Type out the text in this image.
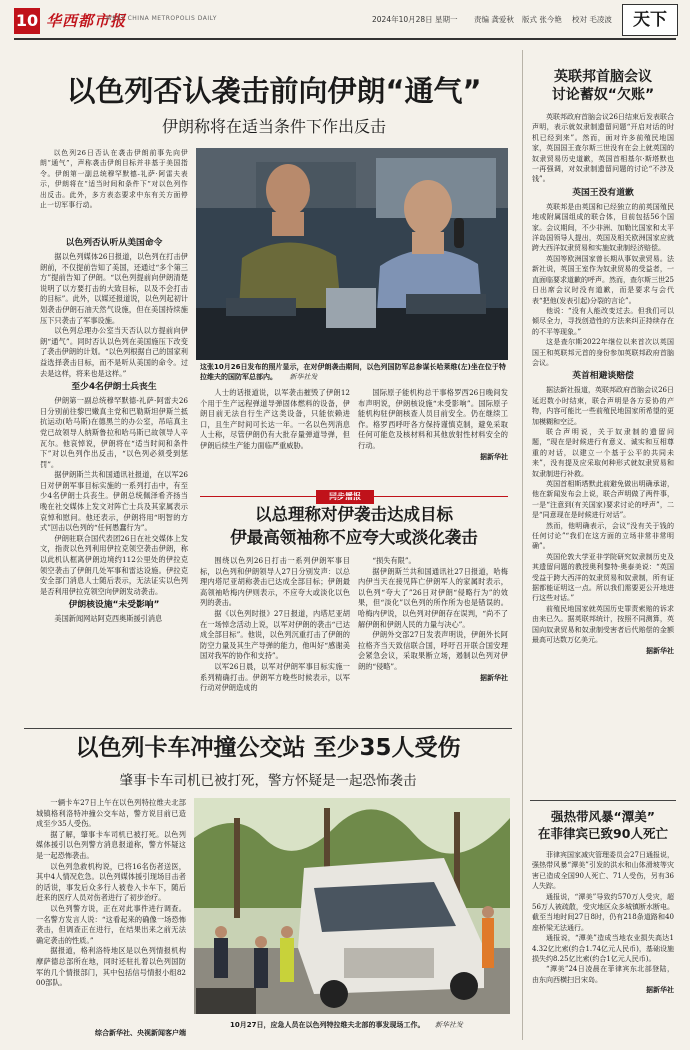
10 华西都市报
WEST CHINA METROPOLIS DAILY	2024年10月28日 星期一 责编 龚爱秋 版式 张今艳 校对 毛凌波	天下
以色列否认袭击前向伊朗“通气”
伊朗称将在适当条件下作出反击

以色列26日否认在袭击伊朗前事先向伊朗“通气”，声称袭击伊朗目标并非基于美国指令。伊朗第一副总统穆罕默德-礼萨·阿雷夫表示，伊朗将在“适当时间和条件下”对以色列作出反击。此外，多方表态要求中东有关方面停止一切军事行动。

以色列否认听从美国命令

据以色列媒体26日报道，以色列在打击伊朗前，不仅提前告知了美国，还通过“多个第三方”提前告知了伊朗。“以色列提前向伊朗清楚说明了以方要打击的大致目标，以及不会打击的目标”。此外，以媒还报道说，以色列起初计划袭击伊朗石油天然气设施，但在美国持续施压下只袭击了军事设施。

以色列总理办公室当天否认以方提前向伊朗“通气”。同时否认以色列在美国施压下改变了袭击伊朗的计划。“以色列根据自己的国家利益选择袭击目标，而不是听从美国的命令。过去是这样，将来也是这样。”

至少4名伊朗士兵丧生

伊朗第一副总统穆罕默德-礼萨·阿雷夫26日分别前往黎巴嫩真主党和巴勒斯坦伊斯兰抵抗运动(哈马斯)在德黑兰的办公室，吊唁真主党已故领导人纳斯鲁拉和哈马斯已故领导人辛瓦尔。他哀悼说，伊朗将在“适当时间和条件下”对以色列作出反击，“以色列必须受到惩罚”。

据伊朗斯兰共和国通讯社报道，在以军26日对伊朗军事目标实施的一系列打击中，有至少4名伊朗士兵丧生。伊朗总统佩泽希齐扬当晚在社交媒体上发文对阵亡士兵及其家属表示哀悼和慰问。他还表示，伊朗将用“明智的方式”回击以色列的“任何愚蠢行为”。

伊朗驻联合国代表团26日在社交媒体上发文，指责以色列利用伊拉克领空袭击伊朗，称以此机认框离伊朗边境约112公里处的伊拉克领空袭击了伊朗几处军事和雷达设施。伊拉克安全部门消息人士随后表示，无法证实以色列是否利用伊拉克领空向伊朗发动袭击。

伊朗核设施“未受影响”

美国新闻网站阿克西奥斯援引消息

这张10月26日发布的照片显示，在对伊朗袭击期间，以色列国防军总参谋长哈莱维(左)坐在位于特拉维夫的国防军总部内。 新华社发

人士的话报道说，以军袭击摧毁了伊朗12个用于生产远程弹道导弹固体燃料的设备，伊朗目前无法自行生产这类设备，只能依赖进口，且生产时间可长达一年。一名以色列消息人士称，尽管伊朗仍有大批存量弹道导弹，但伊朗后续生产能力面临严重威胁。

国际原子能机构总干事格罗西26日晚间发布声明说，伊朗核设施“未受影响”。国际原子能机构驻伊朗核查人员目前安全。仍在继续工作。格罗西呼吁各方保持谨慎克制，避免采取任何可能危及核材料和其他放射性材料安全的行动。

据新华社
以总理称对伊袭击达成目标
伊最高领袖称不应夸大或淡化袭击

围绕以色列26日打击一系列伊朗军事目标，以色列和伊朗领导人27日分别发声：以总理内塔尼亚胡称袭击已达成全部目标；伊朗最高领袖哈梅内伊则表示，不应夸大或淡化以色列的袭击。

据《以色列时报》27日报道，内塔尼亚胡在一场悼念活动上说，以军对伊朗的袭击“已达成全部目标”。他说，以色列沉重打击了伊朗的防空力量及其生产导弹的能力，他叫好“感谢美国对我军的协作和支持”。

以军26日晨，以军对伊朗军事目标实施一系列精确打击。伊朗军方晚些时候表示，以军行动对伊朗造成的

“损失有限”。

据伊朗斯兰共和国通讯社27日报道，哈梅内伊当天在接见阵亡伊朗军人的家属时表示，以色列“夸大了”26日对伊朗“侵略行为”的效果，但“淡化”以色列的所作所为也是错误的。哈梅内伊说，以色列对伊朗存在误判，“尚不了解伊朗和伊朗人民的力量与决心”。

伊朗外交部27日发表声明说，伊朗外长阿拉格齐当天致信联合国，呼吁召开联合国安理会紧急会议，采取果断立场，遏制以色列对伊朗的“侵略”。

据新华社
以色列卡车冲撞公交站 至少35人受伤
肇事卡车司机已被打死，警方怀疑是一起恐怖袭击

一辆卡车27日上午在以色列特拉维夫北部城镇格利洛特冲撞公交车站，警方说目前已造成至少35人受伤。

据了解，肇事卡车司机已被打死。以色列媒体援引以色列警方消息报道称，警方怀疑这是一起恐怖袭击。

以色列急救机构说，已将16名伤者送医，其中4人情况危急。以色列媒体援引现场目击者的话说，事发后众多行人被卷入卡车下，随后赶来的医疗人员对伤者进行了初步治疗。

以色列警方说，正在对此事件进行调查。一名警方发言人说：“这看起来的确像一场恐怖袭击，但调查正在进行，在结果出来之前无法确定袭击的性质。”

据报道，格利洛特地区是以色列情报机构摩萨德总部所在地，同时还驻扎着以色列国防军的几个情报部门，其中包括信号情报小组8200部队。

综合新华社、央视新闻客户端
10月27日，应急人员在以色列特拉维夫北部的事发现场工作。 新华社发
英联邦首脑会议
讨论蓄奴“欠账”

英联邦政府首脑会议26日结束后发表联合声明，表示就奴隶制遗留问题“开启对话的时机已经到来”。然而，面对许多前殖民地国家，英国国王查尔斯三世没有在会上就英国的奴隶贸易历史道歉，英国首相基尔·斯塔默也一再强调，对奴隶制遗留问题的讨论“不涉及钱”。

英国王没有道歉

英联邦是由英国和已经独立的前英国殖民地或附属国组成的联合体，目前包括56个国家。会议期间，不少非洲、加勒比国家和太平洋岛国领导人提出，英国及相关欧洲国家应就跨大西洋奴隶贸易和实施奴隶制经济赔偿。

英国等欧洲国家曾长期从事奴隶贸易。法新社说，英国王室作为奴隶贸易的受益者，一直面临要求道歉的呼声。然而，查尔斯三世25日出席会议时没有道歉，而是要求与会代表“把他(发表引起)分裂的言论”。

他说：“没有人能改变过去。但我们可以倾尽全力，寻找创造性的方法来纠正持续存在的不平等现象。”

这是查尔斯2022年继位以来首次以英国国王和英联邦元首的身份参加英联邦政府首脑会议。

英首相避谈赔偿

据法新社报道，英联邦政府首脑会议26日延迟数小时结束，联合声明是各方妥协的产物，内容可能比一些前殖民地国家所希望的更加模糊和空泛。

联合声明说，关于奴隶制的遗留问题，“现在是时候进行有意义、诚实和互相尊重的对话，以建立一个基于公平的共同未来”，没有提及应采取何种形式就奴隶贸易和奴隶制进行补救。

英国首相斯塔默此前避免做出明确承诺，他在新闻发布会上说，联合声明做了两件事，一是“注意到(有关国家)要求讨论的呼声”，二是“同意现在是时候进行对话”。

然而，他明确表示，会议“没有关于钱的任何讨论”“我们在这方面的立场非常非常明确”。

英国伦敦大学亚非学院研究奴隶制历史及其遗留问题的教授奥利黎特·奥泰美说：“英国受益于跨大西洋的奴隶贸易和奴隶制，所有证据都能证明这一点。所以我们需要更公开地进行这些对话。”

前殖民地国家就英国历史罪责索赔的诉求由来已久。据英联邦统计，按照不同测算，英国向奴隶贸易和奴隶制受害者后代赔偿的金额最高可达数万亿美元。

据新华社
强热带风暴“潭美”
在菲律宾已致90人死亡

菲律宾国家减灾管理委员会27日通报说，强热带风暴“潭美”引发的洪水和山体滑坡等灾害已造成全国90人死亡、71人受伤，另有36人失踪。

通报说，“潭美”导致约570万人受灾，超56万人被疏散，受灾地区众多城镇断水断电。截至当地时间27日8时，仍有218条道路和40座桥梁无法通行。

通报说，“潭美”造成当地农业损失高达14.32亿比索(约合1.74亿元人民币)，基础设施损失约8.25亿比索(约合1亿元人民币)。

“潭美”24日凌晨在菲律宾东北部登陆，由东向西横扫吕宋岛。

据新华社
